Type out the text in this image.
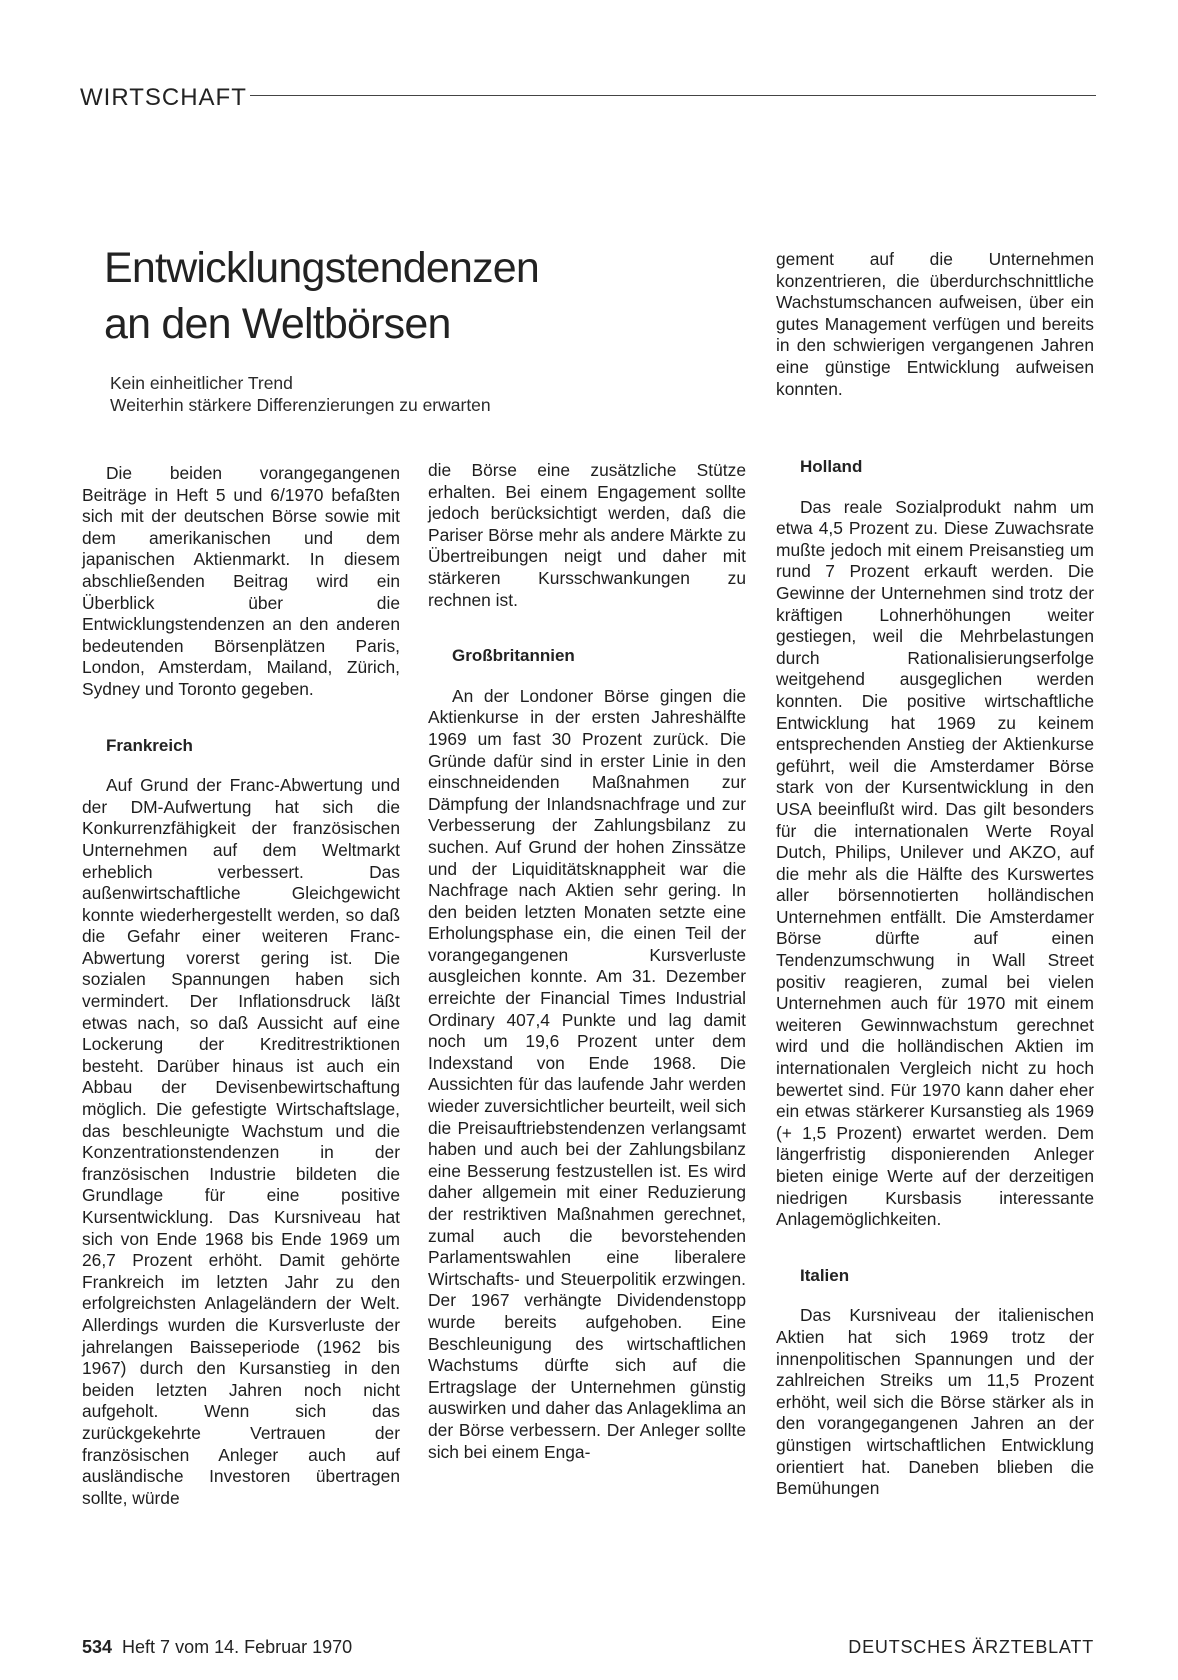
WIRTSCHAFT
Entwicklungstendenzen
an den Weltbörsen
Kein einheitlicher Trend
Weiterhin stärkere Differenzierungen zu erwarten

gement auf die Unternehmen konzentrieren, die überdurchschnittliche Wachstumschancen aufweisen, über ein gutes Management verfügen und bereits in den schwierigen vergangenen Jahren eine günstige Entwicklung aufweisen konnten.

Die beiden vorangegangenen Beiträge in Heft 5 und 6/1970 befaßten sich mit der deutschen Börse sowie mit dem amerikanischen und dem japanischen Aktienmarkt. In diesem abschließenden Beitrag wird ein Überblick über die Entwicklungstendenzen an den anderen bedeutenden Börsenplätzen Paris, London, Amsterdam, Mailand, Zürich, Sydney und Toronto gegeben.

Frankreich

Auf Grund der Franc-Abwertung und der DM-Aufwertung hat sich die Konkurrenzfähigkeit der französischen Unternehmen auf dem Weltmarkt erheblich verbessert. Das außenwirtschaftliche Gleichgewicht konnte wiederhergestellt werden, so daß die Gefahr einer weiteren Franc-Abwertung vorerst gering ist. Die sozialen Spannungen haben sich vermindert. Der Inflationsdruck läßt etwas nach, so daß Aussicht auf eine Lockerung der Kreditrestriktionen besteht. Darüber hinaus ist auch ein Abbau der Devisenbewirtschaftung möglich. Die gefestigte Wirtschaftslage, das beschleunigte Wachstum und die Konzentrationstendenzen in der französischen Industrie bildeten die Grundlage für eine positive Kursentwicklung. Das Kursniveau hat sich von Ende 1968 bis Ende 1969 um 26,7 Prozent erhöht. Damit gehörte Frankreich im letzten Jahr zu den erfolgreichsten Anlageländern der Welt. Allerdings wurden die Kursverluste der jahrelangen Baisseperiode (1962 bis 1967) durch den Kursanstieg in den beiden letzten Jahren noch nicht aufgeholt. Wenn sich das zurückgekehrte Vertrauen der französischen Anleger auch auf ausländische Investoren übertragen sollte, würde

die Börse eine zusätzliche Stütze erhalten. Bei einem Engagement sollte jedoch berücksichtigt werden, daß die Pariser Börse mehr als andere Märkte zu Übertreibungen neigt und daher mit stärkeren Kursschwankungen zu rechnen ist.

Großbritannien

An der Londoner Börse gingen die Aktienkurse in der ersten Jahreshälfte 1969 um fast 30 Prozent zurück. Die Gründe dafür sind in erster Linie in den einschneidenden Maßnahmen zur Dämpfung der Inlandsnachfrage und zur Verbesserung der Zahlungsbilanz zu suchen. Auf Grund der hohen Zinssätze und der Liquiditätsknappheit war die Nachfrage nach Aktien sehr gering. In den beiden letzten Monaten setzte eine Erholungsphase ein, die einen Teil der vorangegangenen Kursverluste ausgleichen konnte. Am 31. Dezember erreichte der Financial Times Industrial Ordinary 407,4 Punkte und lag damit noch um 19,6 Prozent unter dem Indexstand von Ende 1968. Die Aussichten für das laufende Jahr werden wieder zuversichtlicher beurteilt, weil sich die Preisauftriebstendenzen verlangsamt haben und auch bei der Zahlungsbilanz eine Besserung festzustellen ist. Es wird daher allgemein mit einer Reduzierung der restriktiven Maßnahmen gerechnet, zumal auch die bevorstehenden Parlamentswahlen eine liberalere Wirtschafts- und Steuerpolitik erzwingen. Der 1967 verhängte Dividendenstopp wurde bereits aufgehoben. Eine Beschleunigung des wirtschaftlichen Wachstums dürfte sich auf die Ertragslage der Unternehmen günstig auswirken und daher das Anlageklima an der Börse verbessern. Der Anleger sollte sich bei einem Enga-

Holland

Das reale Sozialprodukt nahm um etwa 4,5 Prozent zu. Diese Zuwachsrate mußte jedoch mit einem Preisanstieg um rund 7 Prozent erkauft werden. Die Gewinne der Unternehmen sind trotz der kräftigen Lohnerhöhungen weiter gestiegen, weil die Mehrbelastungen durch Rationalisierungserfolge weitgehend ausgeglichen werden konnten. Die positive wirtschaftliche Entwicklung hat 1969 zu keinem entsprechenden Anstieg der Aktienkurse geführt, weil die Amsterdamer Börse stark von der Kursentwicklung in den USA beeinflußt wird. Das gilt besonders für die internationalen Werte Royal Dutch, Philips, Unilever und AKZO, auf die mehr als die Hälfte des Kurswertes aller börsennotierten holländischen Unternehmen entfällt. Die Amsterdamer Börse dürfte auf einen Tendenzumschwung in Wall Street positiv reagieren, zumal bei vielen Unternehmen auch für 1970 mit einem weiteren Gewinnwachstum gerechnet wird und die holländischen Aktien im internationalen Vergleich nicht zu hoch bewertet sind. Für 1970 kann daher eher ein etwas stärkerer Kursanstieg als 1969 (+ 1,5 Prozent) erwartet werden. Dem längerfristig disponierenden Anleger bieten einige Werte auf der derzeitigen niedrigen Kursbasis interessante Anlagemöglichkeiten.

Italien

Das Kursniveau der italienischen Aktien hat sich 1969 trotz der innenpolitischen Spannungen und der zahlreichen Streiks um 11,5 Prozent erhöht, weil sich die Börse stärker als in den vorangegangenen Jahren an der günstigen wirtschaftlichen Entwicklung orientiert hat. Daneben blieben die Bemühungen

534 Heft 7 vom 14. Februar 1970	DEUTSCHES ÄRZTEBLATT
